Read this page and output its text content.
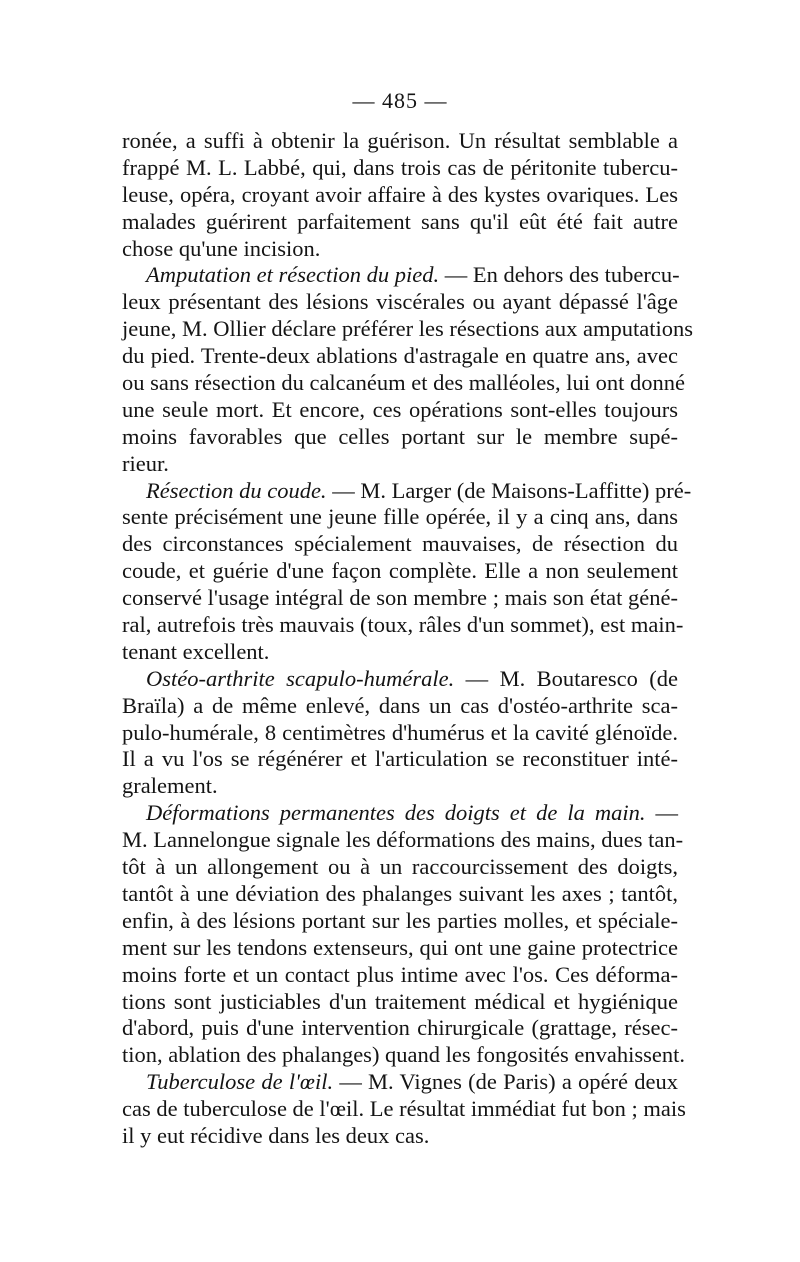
— 485 —
ronée, a suffi à obtenir la guérison. Un résultat semblable a
frappé M. L. Labbé, qui, dans trois cas de péritonite tubercu-
leuse, opéra, croyant avoir affaire à des kystes ovariques. Les
malades guérirent parfaitement sans qu'il eût été fait autre
chose qu'une incision.
Amputation et résection du pied. — En dehors des tubercu-
leux présentant des lésions viscérales ou ayant dépassé l'âge
jeune, M. Ollier déclare préférer les résections aux amputations
du pied. Trente-deux ablations d'astragale en quatre ans, avec
ou sans résection du calcanéum et des malléoles, lui ont donné
une seule mort. Et encore, ces opérations sont-elles toujours
moins favorables que celles portant sur le membre supé-
rieur.
Résection du coude. — M. Larger (de Maisons-Laffitte) pré-
sente précisément une jeune fille opérée, il y a cinq ans, dans
des circonstances spécialement mauvaises, de résection du
coude, et guérie d'une façon complète. Elle a non seulement
conservé l'usage intégral de son membre ; mais son état géné-
ral, autrefois très mauvais (toux, râles d'un sommet), est main-
tenant excellent.
Ostéo-arthrite scapulo-humérale. — M. Boutaresco (de
Braïla) a de même enlevé, dans un cas d'ostéo-arthrite sca-
pulo-humérale, 8 centimètres d'humérus et la cavité glénoïde.
Il a vu l'os se régénérer et l'articulation se reconstituer inté-
gralement.
Déformations permanentes des doigts et de la main. —
M. Lannelongue signale les déformations des mains, dues tan-
tôt à un allongement ou à un raccourcissement des doigts,
tantôt à une déviation des phalanges suivant les axes ; tantôt,
enfin, à des lésions portant sur les parties molles, et spéciale-
ment sur les tendons extenseurs, qui ont une gaine protectrice
moins forte et un contact plus intime avec l'os. Ces déforma-
tions sont justiciables d'un traitement médical et hygiénique
d'abord, puis d'une intervention chirurgicale (grattage, résec-
tion, ablation des phalanges) quand les fongosités envahissent.
Tuberculose de l'œil. — M. Vignes (de Paris) a opéré deux
cas de tuberculose de l'œil. Le résultat immédiat fut bon ; mais
il y eut récidive dans les deux cas.
